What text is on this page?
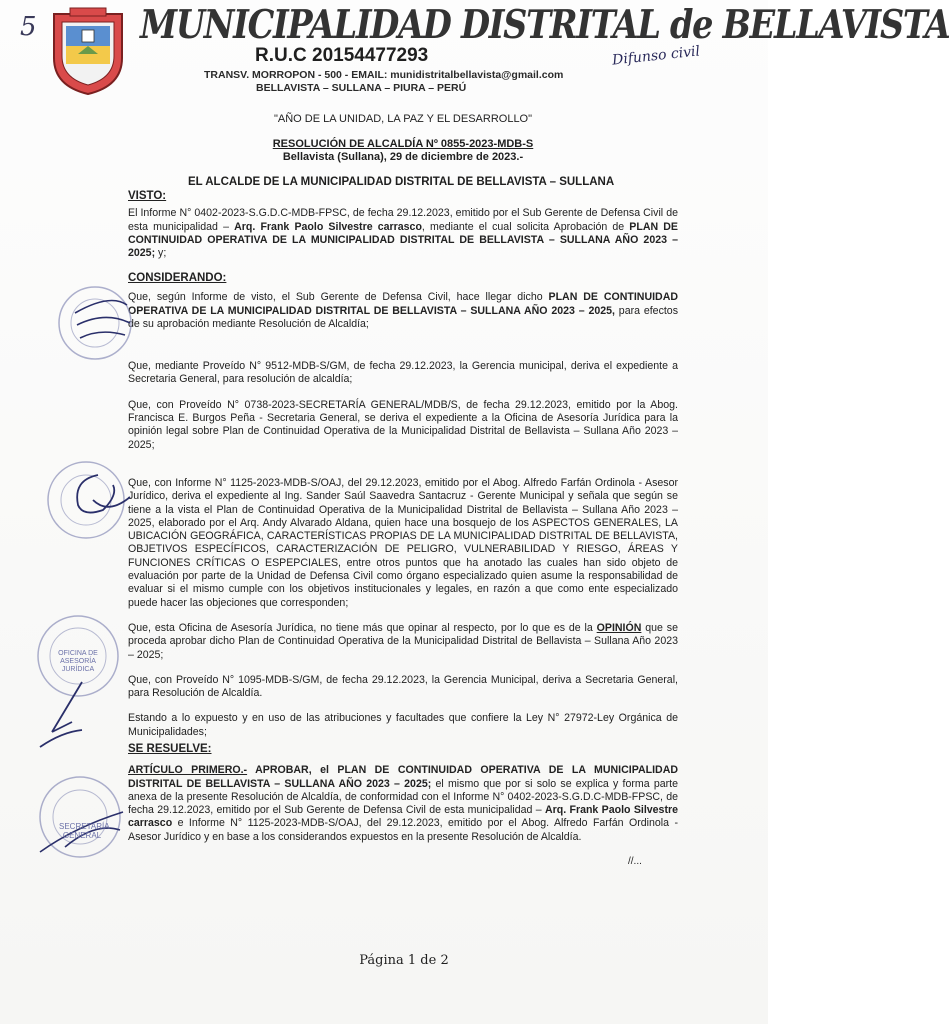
5	MUNICIPALIDAD DISTRITAL de BELLAVISTA
R.U.C 20154477293
TRANSV. MORROPON - 500 - EMAIL: munidistritalbellavista@gmail.com
BELLAVISTA – SULLANA – PIURA – PERÚ
Difunso civil
"AÑO DE LA UNIDAD, LA PAZ Y EL DESARROLLO"
RESOLUCIÓN DE ALCALDÍA Nº 0855-2023-MDB-S
Bellavista (Sullana), 29 de diciembre de 2023.-
EL ALCALDE DE LA MUNICIPALIDAD DISTRITAL DE BELLAVISTA – SULLANA
VISTO:
El Informe N° 0402-2023-S.G.D.C-MDB-FPSC, de fecha 29.12.2023, emitido por el Sub Gerente de Defensa Civil de esta municipalidad – Arq. Frank Paolo Silvestre carrasco, mediante el cual solicita Aprobación de PLAN DE CONTINUIDAD OPERATIVA DE LA MUNICIPALIDAD DISTRITAL DE BELLAVISTA – SULLANA AÑO 2023 – 2025; y;
CONSIDERANDO:
Que, según Informe de visto, el Sub Gerente de Defensa Civil, hace llegar dicho PLAN DE CONTINUIDAD OPERATIVA DE LA MUNICIPALIDAD DISTRITAL DE BELLAVISTA – SULLANA AÑO 2023 – 2025, para efectos de su aprobación mediante Resolución de Alcaldía;
Que, mediante Proveído N° 9512-MDB-S/GM, de fecha 29.12.2023, la Gerencia municipal, deriva el expediente a Secretaria General, para resolución de alcaldía;
Que, con Proveído N° 0738-2023-SECRETARÍA GENERAL/MDB/S, de fecha 29.12.2023, emitido por la Abog. Francisca E. Burgos Peña - Secretaria General, se deriva el expediente a la Oficina de Asesoría Jurídica para la opinión legal sobre Plan de Continuidad Operativa de la Municipalidad Distrital de Bellavista – Sullana Año 2023 – 2025;
Que, con Informe N° 1125-2023-MDB-S/OAJ, del 29.12.2023, emitido por el Abog. Alfredo Farfán Ordinola - Asesor Jurídico, deriva el expediente al Ing. Sander Saúl Saavedra Santacruz - Gerente Municipal y señala que según se tiene a la vista el Plan de Continuidad Operativa de la Municipalidad Distrital de Bellavista – Sullana Año 2023 – 2025, elaborado por el Arq. Andy Alvarado Aldana, quien hace una bosquejo de los ASPECTOS GENERALES, LA UBICACIÓN GEOGRÁFICA, CARACTERÍSTICAS PROPIAS DE LA MUNICIPALIDAD DISTRITAL DE BELLAVISTA, OBJETIVOS ESPECÍFICOS, CARACTERIZACIÓN DE PELIGRO, VULNERABILIDAD Y RIESGO, ÁREAS Y FUNCIONES CRÍTICAS O ESPEPCIALES, entre otros puntos que ha anotado las cuales han sido objeto de evaluación por parte de la Unidad de Defensa Civil como órgano especializado quien asume la responsabilidad de evaluar si el mismo cumple con los objetivos institucionales y legales, en razón a que como ente especializado puede hacer las objeciones que corresponden;
Que, esta Oficina de Asesoría Jurídica, no tiene más que opinar al respecto, por lo que es de la OPINIÓN que se proceda aprobar dicho Plan de Continuidad Operativa de la Municipalidad Distrital de Bellavista – Sullana Año 2023 – 2025;
Que, con Proveído N° 1095-MDB-S/GM, de fecha 29.12.2023, la Gerencia Municipal, deriva a Secretaria General, para Resolución de Alcaldía.
Estando a lo expuesto y en uso de las atribuciones y facultades que confiere la Ley N° 27972-Ley Orgánica de Municipalidades;
SE RESUELVE:
ARTÍCULO PRIMERO.- APROBAR, el PLAN DE CONTINUIDAD OPERATIVA DE LA MUNICIPALIDAD DISTRITAL DE BELLAVISTA – SULLANA AÑO 2023 – 2025; el mismo que por si solo se explica y forma parte anexa de la presente Resolución de Alcaldía, de conformidad con el Informe N° 0402-2023-S.G.D.C-MDB-FPSC, de fecha 29.12.2023, emitido por el Sub Gerente de Defensa Civil de esta municipalidad – Arq. Frank Paolo Silvestre carrasco e Informe N° 1125-2023-MDB-S/OAJ, del 29.12.2023, emitido por el Abog. Alfredo Farfán Ordinola - Asesor Jurídico y en base a los considerandos expuestos en la presente Resolución de Alcaldía.
//...
OFICINA DE ASESORÍA JURÍDICA
SECRETARÍA GENERAL
Página 1 de 2
